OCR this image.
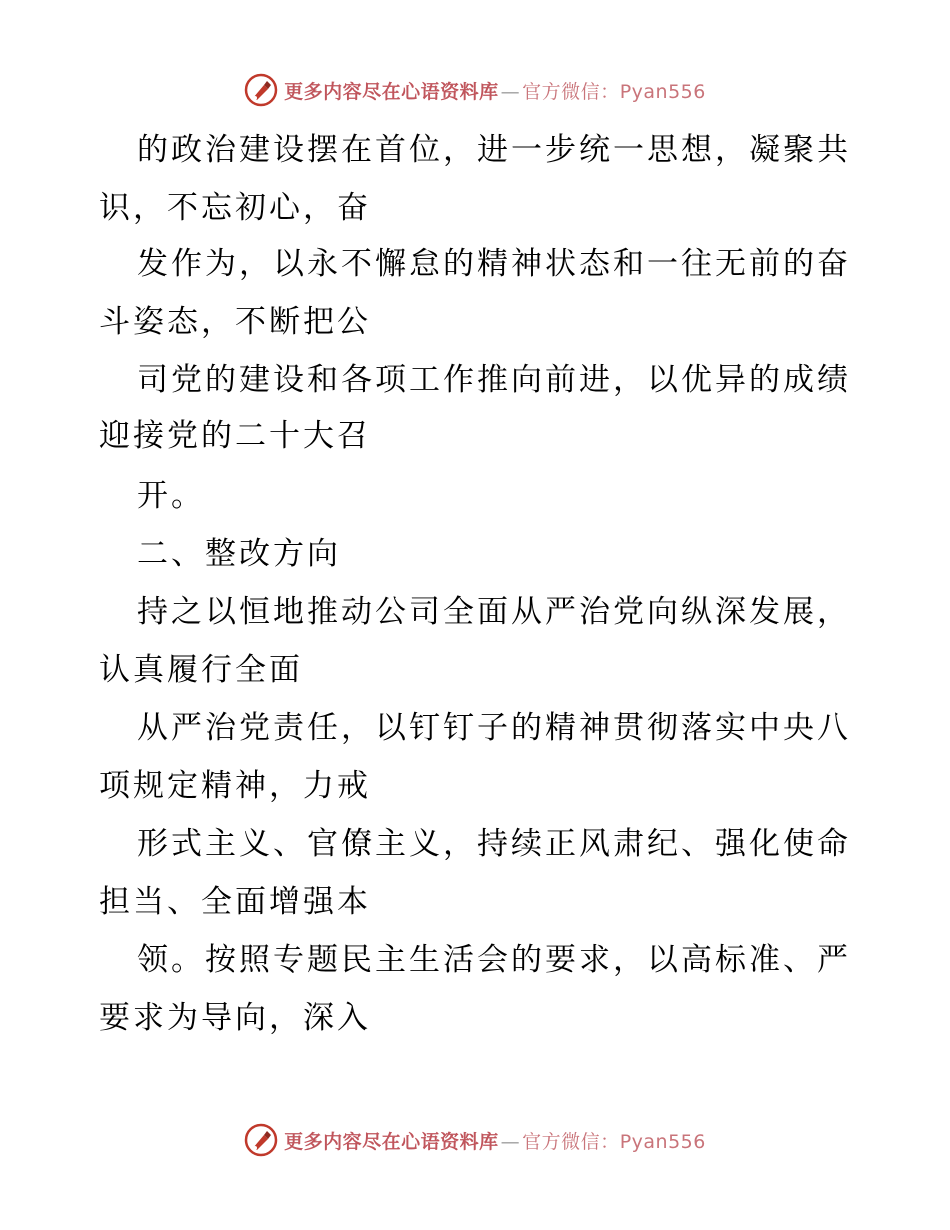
更多内容尽在心语资料库 — 官方微信：Pyan556
的政治建设摆在首位，进一步统一思想，凝聚共
识，不忘初心，奋
发作为，以永不懈怠的精神状态和一往无前的奋
斗姿态，不断把公
司党的建设和各项工作推向前进，以优异的成绩
迎接党的二十大召
开。
二、整改方向
持之以恒地推动公司全面从严治党向纵深发展，
认真履行全面
从严治党责任，以钉钉子的精神贯彻落实中央八
项规定精神，力戒
形式主义、官僚主义，持续正风肃纪、强化使命
担当、全面增强本
领。按照专题民主生活会的要求，以高标准、严
要求为导向，深入
更多内容尽在心语资料库 — 官方微信：Pyan556
